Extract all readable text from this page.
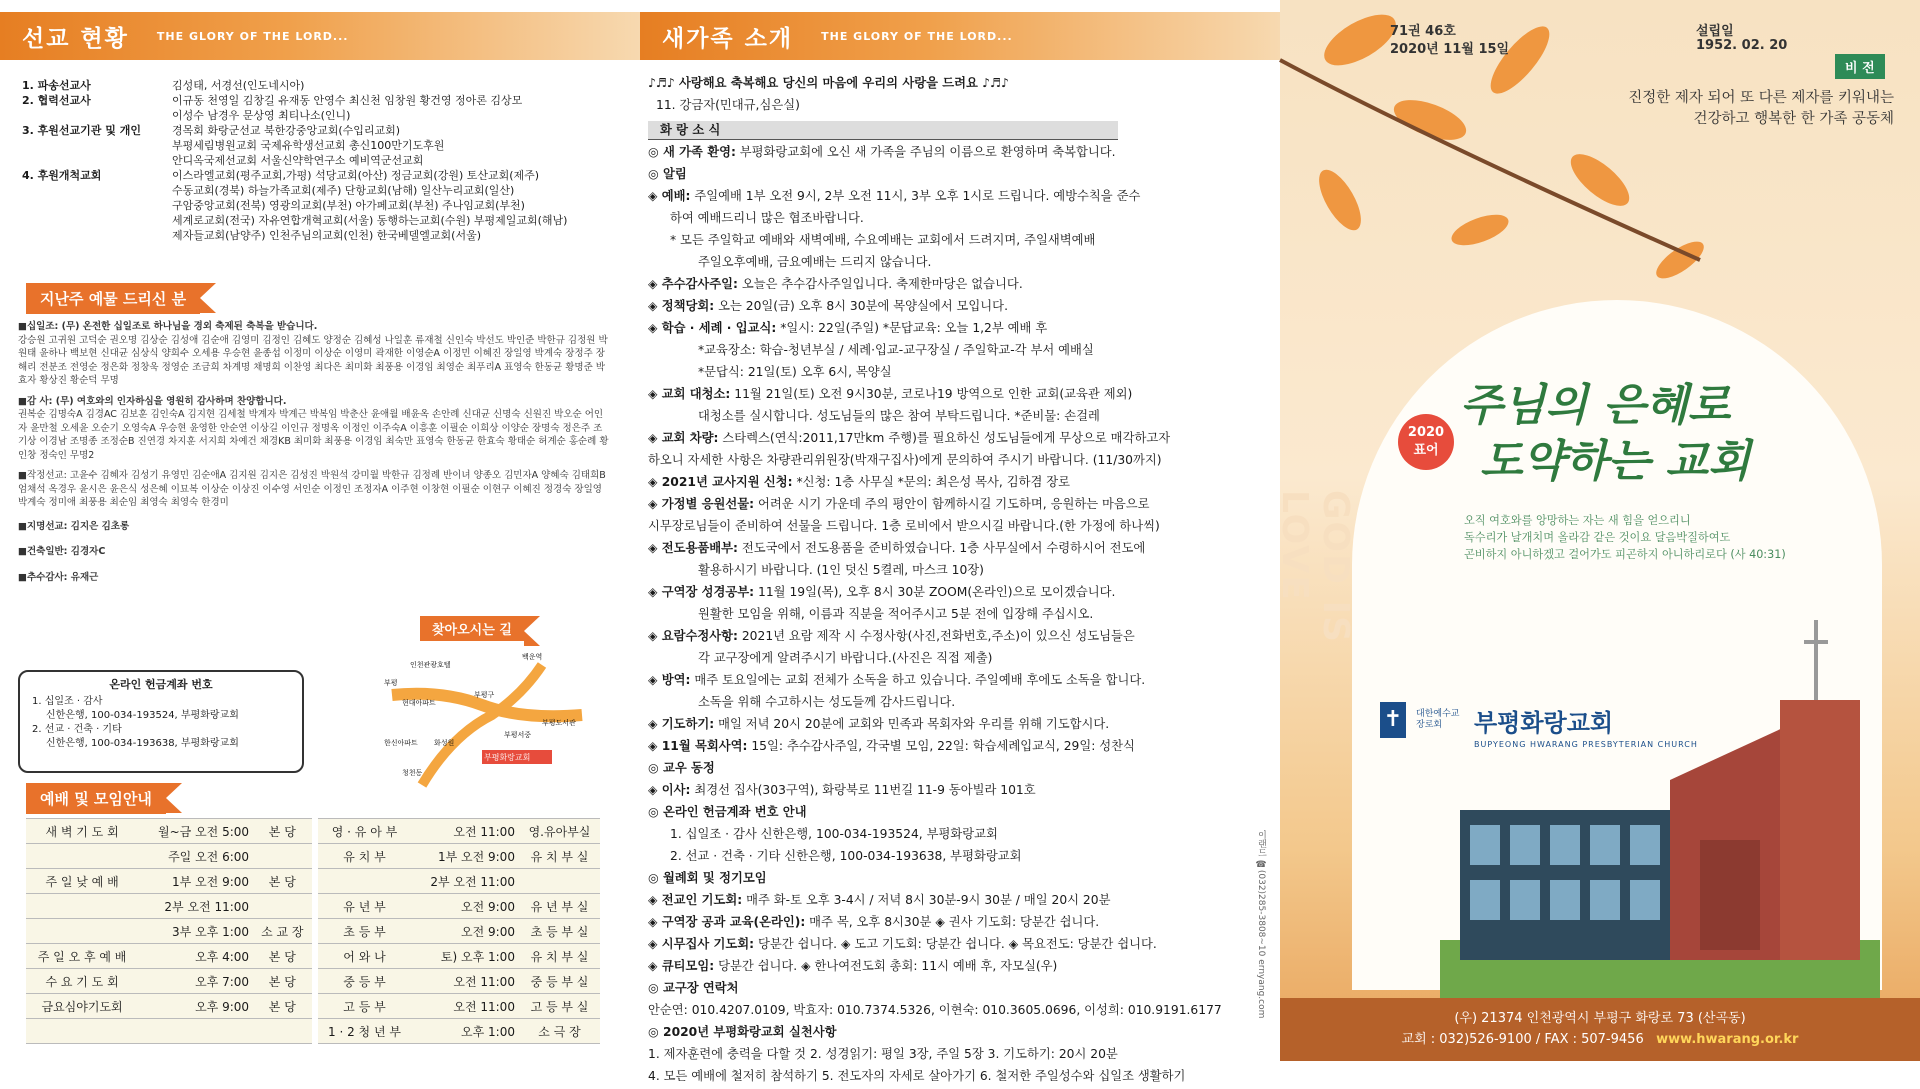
선교 현황	THE GLORY OF THE LORD...
1. 파송선교사	김성태, 서경선(인도네시아)
2. 협력선교사	이규동 천영일 김창길 유재동 안영수 최신천 임창원 황건영 정아론 김상모
이성수 남경우 문상영 최티나소(인니)
3. 후원선교기관 및 개인	경목회 화랑군선교 북한강중앙교회(수입리교회)
부평세림병원교회 국제유학생선교회 총신100만기도후원
안디옥국제선교회 서울신약학연구소 예비역군선교회
4. 후원개척교회	이스라엘교회(평주교회,가평) 석당교회(아산) 정금교회(강원) 토산교회(제주)
수동교회(경북) 하늘가족교회(제주) 단항교회(남해) 일산누리교회(일산)
구암중앙교회(전북) 영광의교회(부천) 아가페교회(부천) 주나임교회(부천)
세계로교회(전국) 자유연합개혁교회(서울) 동행하는교회(수원) 부평제일교회(해남)
제자들교회(남양주) 인천주님의교회(인천) 한국베델엘교회(서울)
지난주 예물 드리신 분

■십일조: (무) 온전한 십일조로 하나님을 경외 축제된 축복을 받습니다.
강승원 고귀원 고덕순 권오명 김상순 김성애 김순애 김영미 김정인 김혜도 양정순 김혜성 나일훈 류재철 신인숙 박선도 박인준 박한규 김정원 박원태 윤하나 백보현 신대균 심상식 양희수 오세용 우승현 윤종섭 이정미 이상순 이영미 곽재한 이영순A 이정민 이혜진 장일영 박계숙 장정주 장해리 전분조 전영순 정은화 정창욱 정영순 조금희 차계명 채명희 이찬영 최다은 최미화 최풍용 이경임 최영순 최푸리A 표영숙 한동균 황명준 박효자 황상진 황순덕 무명

■감 사: (무) 여호와의 인자하심을 영원히 감사하며 찬양합니다.
권복순 김명숙A 김경AC 김보훈 김인숙A 김지현 김세철 박계자 박계근 박복임 박춘산 윤애월 배윤옥 손안례 신대균 신명숙 신원진 박오순 어인자 윤만철 오세윤 오순기 오영숙A 우승현 윤영한 안순연 이상길 이인규 정명옥 이정인 이주숙A 이흥훈 이필순 이희상 이양순 장명숙 정은주 조기상 이경남 조명종 조정순B 진연경 차지훈 서지희 차예건 채경KB 최미화 최풍용 이경임 최숙만 표영숙 한동균 한효숙 황태순 허계순 홍순례 황인창 정숙인 무명2

■작정선교: 고윤수 김혜자 김성기 유영민 김순애A 김지원 김지은 김성진 박원석 강미월 박한규 김정례 반이녀 양종오 김민자A 양혜숙 김태희B 엄채석 옥경우 윤시은 윤은식 성은혜 이묘복 이상순 이상진 이수영 서인순 이정인 조정자A 이주현 이창현 이필순 이현구 이혜진 정경숙 장일영 박계숙 정미애 최풍용 최순임 최영숙 최영숙 한경미

■지명선교: 김지은 김초롱

■건축일반: 김경자C

■추수감사: 유재근

온라인 헌금계좌 번호
1. 십일조 · 감사
신한은행, 100-034-193524, 부평화랑교회
2. 선교 · 건축 · 기타
신한은행, 100-034-193638, 부평화랑교회
찾아오시는 길
부평화랑교회
인천관광호텔
백운역
부평
현대아파트
부평구
부평도서관
한신아파트 화성원
부평서중
청천동
예배 및 모임안내
새 벽 기 도 회	월~금 오전 5:00	본 당		영 · 유 아 부	오전 11:00	영.유아부실
	주일 오전 6:00			유 치 부	1부 오전 9:00	유 치 부 실
주 일 낮 예 배	1부 오전 9:00	본 당			2부 오전 11:00	
	2부 오전 11:00			유 년 부	오전 9:00	유 년 부 실
	3부 오후 1:00	소 교 장		초 등 부	오전 9:00	초 등 부 실
주 일 오 후 예 배	오후 4:00	본 당		어 와 나	토) 오후 1:00	유 치 부 실
수 요 기 도 회	오후 7:00	본 당		중 등 부	오전 11:00	중 등 부 실
금요심야기도회	오후 9:00	본 당		고 등 부	오전 11:00	고 등 부 실
				1 · 2 청 년 부	오후 1:00	소 극 장
새가족 소개	THE GLORY OF THE LORD...
♪♬♪ 사랑해요 축복해요 당신의 마음에 우리의 사랑을 드려요 ♪♬♪
11. 강금자(민대규,심은실)
화 랑 소 식
◎ 새 가족 환영: 부평화랑교회에 오신 새 가족을 주님의 이름으로 환영하며 축복합니다.
◎ 알림
◈ 예배: 주일예배 1부 오전 9시, 2부 오전 11시, 3부 오후 1시로 드립니다. 예방수칙을 준수
하여 예배드리니 많은 협조바랍니다.
* 모든 주일학교 예배와 새벽예배, 수요예배는 교회에서 드려지며, 주일새벽예배
주일오후예배, 금요예배는 드리지 않습니다.
◈ 추수감사주일: 오늘은 추수감사주일입니다. 축제한마당은 없습니다.
◈ 정책당회: 오는 20일(금) 오후 8시 30분에 목양실에서 모입니다.
◈ 학습 · 세례 · 입교식: *일시: 22일(주일) *문답교육: 오늘 1,2부 예배 후
*교육장소: 학습-청년부실 / 세례·입교-교구장실 / 주일학교-각 부서 예배실
*문답식: 21일(토) 오후 6시, 목양실
◈ 교회 대청소: 11월 21일(토) 오전 9시30분, 코로나19 방역으로 인한 교회(교육관 제외)
대청소를 실시합니다. 성도님들의 많은 참여 부탁드립니다. *준비물: 손걸레
◈ 교회 차량: 스타렉스(연식:2011,17만km 주행)를 필요하신 성도님들에게 무상으로 매각하고자
하오니 자세한 사항은 차량관리위원장(박재구집사)에게 문의하여 주시기 바랍니다. (11/30까지)
◈ 2021년 교사지원 신청: *신청: 1층 사무실 *문의: 최은성 목사, 김하겸 장로
◈ 가정별 응원선물: 어려운 시기 가운데 주의 평안이 함께하시길 기도하며, 응원하는 마음으로
시무장로님들이 준비하여 선물을 드립니다. 1층 로비에서 받으시길 바랍니다.(한 가정에 하나씩)
◈ 전도용품배부: 전도국에서 전도용품을 준비하였습니다. 1층 사무실에서 수령하시어 전도에
활용하시기 바랍니다. (1인 덧신 5켤레, 마스크 10장)
◈ 구역장 성경공부: 11월 19일(목), 오후 8시 30분 ZOOM(온라인)으로 모이겠습니다.
원활한 모임을 위해, 이름과 직분을 적어주시고 5분 전에 입장해 주십시오.
◈ 요람수정사항: 2021년 요람 제작 시 수정사항(사진,전화번호,주소)이 있으신 성도님들은
각 교구장에게 알려주시기 바랍니다.(사진은 직접 제출)
◈ 방역: 매주 토요일에는 교회 전체가 소독을 하고 있습니다. 주일예배 후에도 소독을 합니다.
소독을 위해 수고하시는 성도들께 감사드립니다.
◈ 기도하기: 매일 저녁 20시 20분에 교회와 민족과 목회자와 우리를 위해 기도합시다.
◈ 11월 목회사역: 15일: 추수감사주일, 각국별 모임, 22일: 학습세례입교식, 29일: 성찬식
◎ 교우 동정
◈ 이사: 최경선 집사(303구역), 화랑북로 11번길 11-9 동아빌라 101호
◎ 온라인 헌금계좌 번호 안내
1. 십일조 · 감사 신한은행, 100-034-193524, 부평화랑교회
2. 선교 · 건축 · 기타 신한은행, 100-034-193638, 부평화랑교회
◎ 월례회 및 정기모임
◈ 전교인 기도회: 매주 화-토 오후 3-4시 / 저녁 8시 30분-9시 30분 / 매일 20시 20분
◈ 구역장 공과 교육(온라인): 매주 목, 오후 8시30분 ◈ 권사 기도회: 당분간 쉽니다.
◈ 시무집사 기도회: 당분간 쉽니다. ◈ 도고 기도회: 당분간 쉽니다. ◈ 목요전도: 당분간 쉽니다.
◈ 큐티모임: 당분간 쉽니다. ◈ 한나여전도회 총회: 11시 예배 후, 자모실(우)
◎ 교구장 연락처
안순연: 010.4207.0109, 박효자: 010.7374.5326, 이현숙: 010.3605.0696, 이성희: 010.9191.6177
◎ 2020년 부평화랑교회 실천사항
1. 제자훈련에 충력을 다할 것 2. 성경읽기: 평일 3장, 주일 5장 3. 기도하기: 20시 20분
4. 모든 예배에 철저히 참석하기 5. 전도자의 자세로 살아가기 6. 철저한 주일성수와 십일조 생활하기
71권 46호
2020년 11월 15일
설립일
1952. 02. 20
비 전
진정한 제자 되어 또 다른 제자를 키워내는
건강하고 행복한 한 가족 공동체
GOD IS LOVE
2020
표어
주님의 은혜로
도약하는 교회
오직 여호와를 앙망하는 자는 새 힘을 얻으리니
독수리가 날개치며 올라감 같은 것이요 달음박질하여도
곤비하지 아니하겠고 걸어가도 피곤하지 아니하리로다 (사 40:31)
✝	대한예수교 장로회	부평화랑교회
BUPYEONG HWARANG PRESBYTERIAN CHURCH
이랜드 ☎(032)285-3808~10 ernyang.com
(우) 21374 인천광역시 부평구 화랑로 73 (산곡동)
교회 : 032)526-9100 / FAX : 507-9456 www.hwarang.or.kr
